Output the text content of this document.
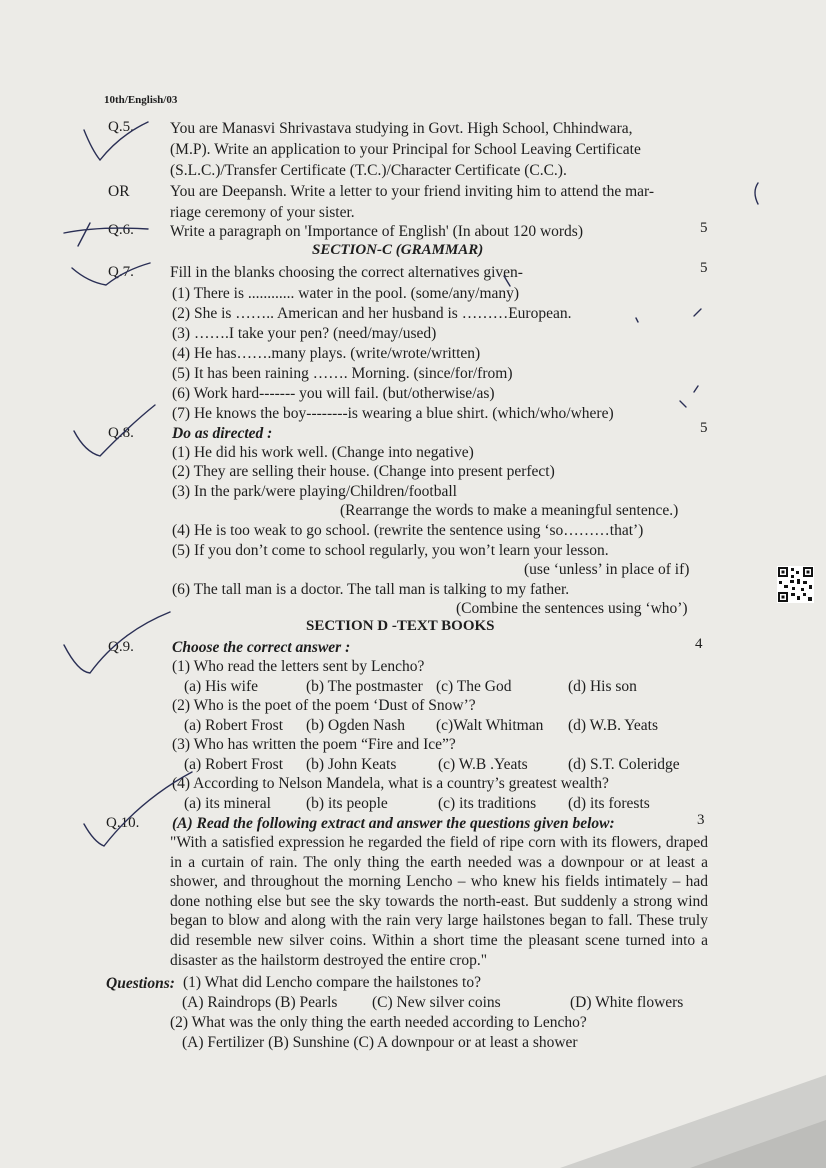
10th/English/03
Q.5. You are Manasvi Shrivastava studying in Govt. High School, Chhindwara,
(M.P). Write an application to your Principal for School Leaving Certificate
(S.L.C.)/Transfer Certificate (T.C.)/Character Certificate (C.C.).
OR	You are Deepansh. Write a letter to your friend inviting him to attend the mar-
riage ceremony of your sister.
Q.6. Write a paragraph on 'Importance of English' (In about 120 words)	5
SECTION-C (GRAMMAR)
Q.7. Fill in the blanks choosing the correct alternatives given-	5
(1) There is ............ water in the pool. (some/any/many)
(2) She is …….. American and her husband is ………European.
(3) …….I take your pen? (need/may/used)
(4) He has…….many plays. (write/wrote/written)
(5) It has been raining ……. Morning. (since/for/from)
(6) Work hard------- you will fail. (but/otherwise/as)
(7) He knows the boy--------is wearing a blue shirt. (which/who/where)
Q.8. Do as directed :	5
(1) He did his work well. (Change into negative)
(2) They are selling their house. (Change into present perfect)
(3) In the park/were playing/Children/football
(Rearrange the words to make a meaningful sentence.)
(4) He is too weak to go school. (rewrite the sentence using ‘so………that’)
(5) If you don’t come to school regularly, you won’t learn your lesson.
(use ‘unless’ in place of if)
(6) The tall man is a doctor. The tall man is talking to my father.
(Combine the sentences using ‘who’)
SECTION D -TEXT BOOKS
Q.9. Choose the correct answer :	4
(1) Who read the letters sent by Lencho?
(a) His wife	(b) The postmaster (c) The God	(d) His son
(2) Who is the poet of the poem ‘Dust of Snow’?
(a) Robert Frost (b) Ogden Nash (c)Walt Whitman (d) W.B. Yeats
(3) Who has written the poem “Fire and Ice”?
(a) Robert Frost (b) John Keats	(c) W.B .Yeats	(d) S.T. Coleridge
(4) According to Nelson Mandela, what is a country’s greatest wealth?
(a) its mineral (b) its people	(c) its traditions (d) its forests
Q.10. (A) Read the following extract and answer the questions given below:	3
"With a satisfied expression he regarded the field of ripe corn with its flowers, draped in a curtain of rain. The only thing the earth needed was a downpour or at least a shower, and throughout the morning Lencho – who knew his fields intimately – had done nothing else but see the sky towards the north-east. But suddenly a strong wind began to blow and along with the rain very large hailstones began to fall. These truly did resemble new silver coins. Within a short time the pleasant scene turned into a disaster as the hailstorm destroyed the entire crop."
Questions: (1) What did Lencho compare the hailstones to?
(A) Raindrops (B) Pearls (C) New silver coins	(D) White flowers
(2) What was the only thing the earth needed according to Lencho?
(A) Fertilizer (B) Sunshine (C) A downpour or at least a shower
